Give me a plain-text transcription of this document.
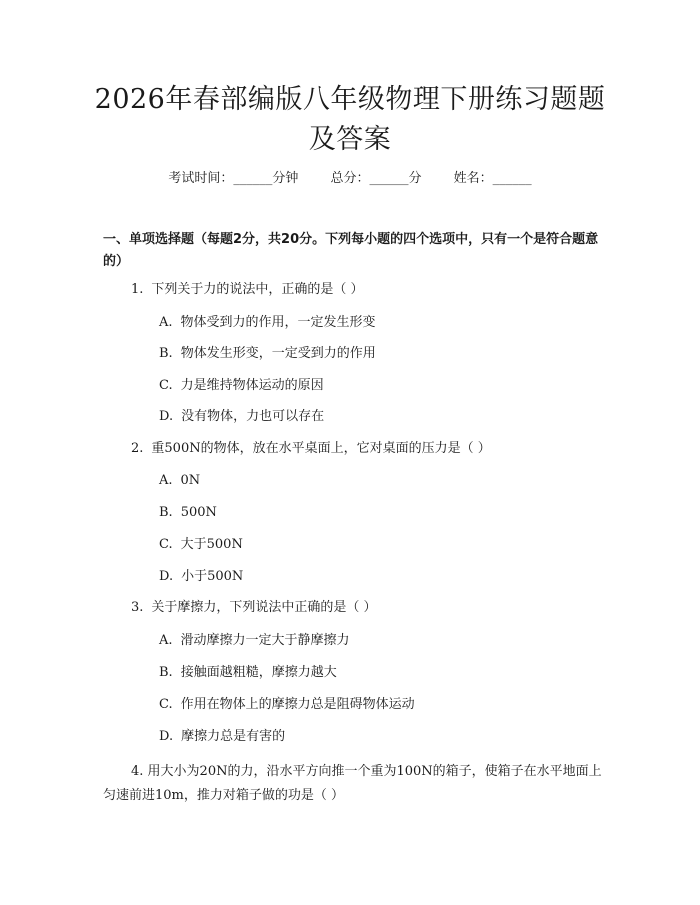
2026年春部编版八年级物理下册练习题题及答案
考试时间：______分钟 总分：______分 姓名：______
一、单项选择题（每题2分，共20分。下列每小题的四个选项中，只有一个是符合题意的）
1. 下列关于力的说法中，正确的是（ ）
A. 物体受到力的作用，一定发生形变
B. 物体发生形变，一定受到力的作用
C. 力是维持物体运动的原因
D. 没有物体，力也可以存在
2. 重500N的物体，放在水平桌面上，它对桌面的压力是（ ）
A. 0N
B. 500N
C. 大于500N
D. 小于500N
3. 关于摩擦力，下列说法中正确的是（ ）
A. 滑动摩擦力一定大于静摩擦力
B. 接触面越粗糙，摩擦力越大
C. 作用在物体上的摩擦力总是阻碍物体运动
D. 摩擦力总是有害的
4. 用大小为20N的力，沿水平方向推一个重为100N的箱子，使箱子在水平地面上匀速前进10m，推力对箱子做的功是（ ）
